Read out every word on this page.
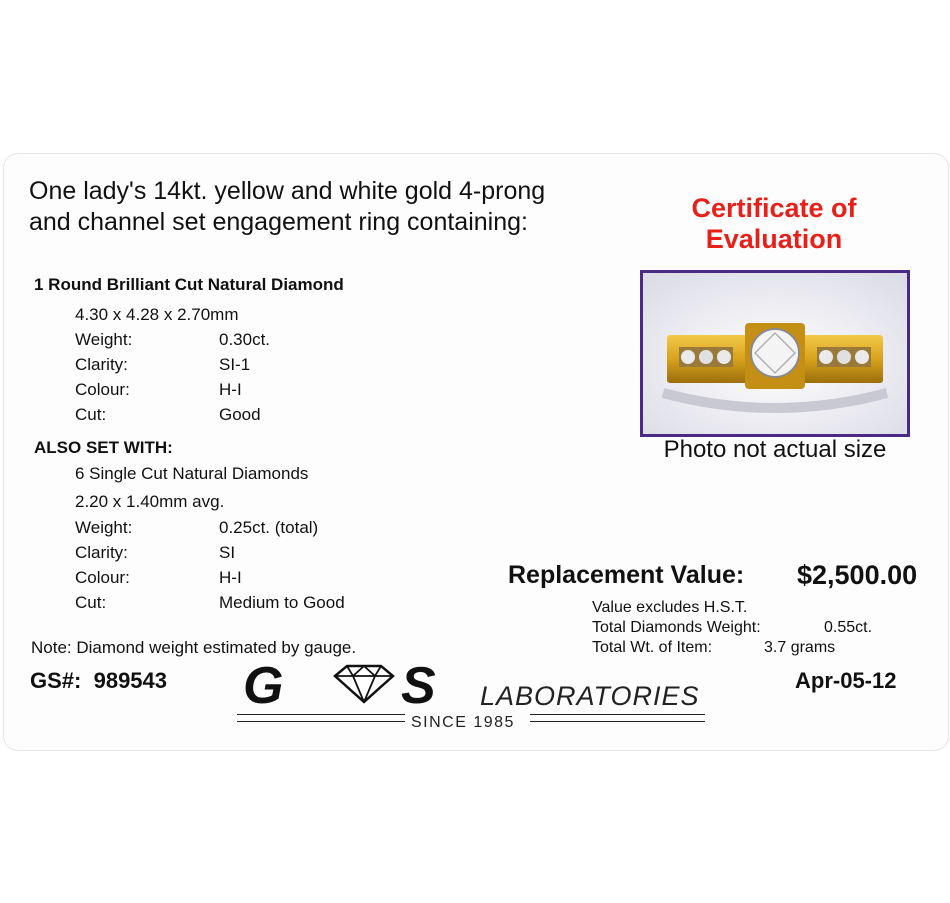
One lady's 14kt. yellow and white gold 4-prong
and channel set engagement ring containing:
1 Round Brilliant Cut Natural Diamond
4.30 x 4.28 x 2.70mm
Weight:	0.30ct.
Clarity:	SI-1
Colour:	H-I
Cut:	Good
ALSO SET WITH:
6 Single Cut Natural Diamonds
2.20 x 1.40mm avg.
Weight:	0.25ct. (total)
Clarity:	SI
Colour:	H-I
Cut:	Medium to Good
Note: Diamond weight estimated by gauge.
Certificate of
Evaluation
Photo not actual size
Replacement Value: $2,500.00
Value excludes H.S.T.
Total Diamonds Weight:	0.55ct.
Total Wt. of Item:	3.7 grams
GS#: 989543 G S LABORATORIES
SINCE 1985
Apr-05-12
